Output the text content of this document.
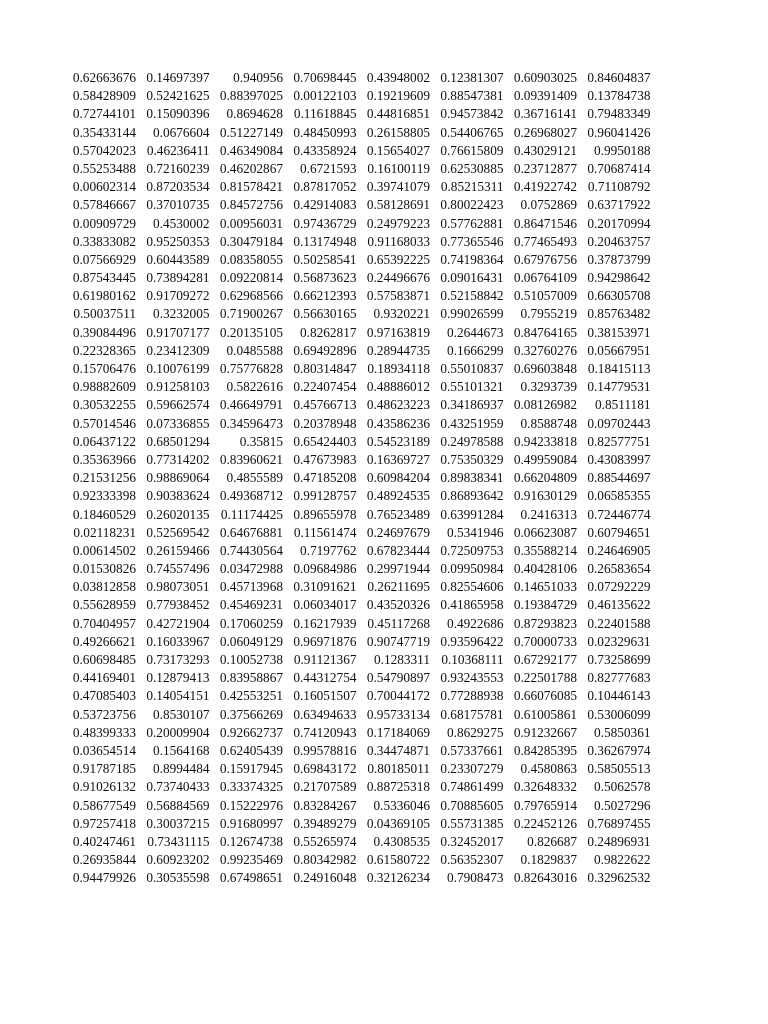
0.62663676	0.14697397	0.940956	0.70698445	0.43948002	0.12381307	0.60903025	0.84604837
0.58428909	0.52421625	0.88397025	0.00122103	0.19219609	0.88547381	0.09391409	0.13784738
0.72744101	0.15090396	0.8694628	0.11618845	0.44816851	0.94573842	0.36716141	0.79483349
0.35433144	0.0676604	0.51227149	0.48450993	0.26158805	0.54406765	0.26968027	0.96041426
0.57042023	0.46236411	0.46349084	0.43358924	0.15654027	0.76615809	0.43029121	0.9950188
0.55253488	0.72160239	0.46202867	0.6721593	0.16100119	0.62530885	0.23712877	0.70687414
0.00602314	0.87203534	0.81578421	0.87817052	0.39741079	0.85215311	0.41922742	0.71108792
0.57846667	0.37010735	0.84572756	0.42914083	0.58128691	0.80022423	0.0752869	0.63717922
0.00909729	0.4530002	0.00956031	0.97436729	0.24979223	0.57762881	0.86471546	0.20170994
0.33833082	0.95250353	0.30479184	0.13174948	0.91168033	0.77365546	0.77465493	0.20463757
0.07566929	0.60443589	0.08358055	0.50258541	0.65392225	0.74198364	0.67976756	0.37873799
0.87543445	0.73894281	0.09220814	0.56873623	0.24496676	0.09016431	0.06764109	0.94298642
0.61980162	0.91709272	0.62968566	0.66212393	0.57583871	0.52158842	0.51057009	0.66305708
0.50037511	0.3232005	0.71900267	0.56630165	0.9320221	0.99026599	0.7955219	0.85763482
0.39084496	0.91707177	0.20135105	0.8262817	0.97163819	0.2644673	0.84764165	0.38153971
0.22328365	0.23412309	0.0485588	0.69492896	0.28944735	0.1666299	0.32760276	0.05667951
0.15706476	0.10076199	0.75776828	0.80314847	0.18934118	0.55010837	0.69603848	0.18415113
0.98882609	0.91258103	0.5822616	0.22407454	0.48886012	0.55101321	0.3293739	0.14779531
0.30532255	0.59662574	0.46649791	0.45766713	0.48623223	0.34186937	0.08126982	0.8511181
0.57014546	0.07336855	0.34596473	0.20378948	0.43586236	0.43251959	0.8588748	0.09702443
0.06437122	0.68501294	0.35815	0.65424403	0.54523189	0.24978588	0.94233818	0.82577751
0.35363966	0.77314202	0.83960621	0.47673983	0.16369727	0.75350329	0.49959084	0.43083997
0.21531256	0.98869064	0.4855589	0.47185208	0.60984204	0.89838341	0.66204809	0.88544697
0.92333398	0.90383624	0.49368712	0.99128757	0.48924535	0.86893642	0.91630129	0.06585355
0.18460529	0.26020135	0.11174425	0.89655978	0.76523489	0.63991284	0.2416313	0.72446774
0.02118231	0.52569542	0.64676881	0.11561474	0.24697679	0.5341946	0.06623087	0.60794651
0.00614502	0.26159466	0.74430564	0.7197762	0.67823444	0.72509753	0.35588214	0.24646905
0.01530826	0.74557496	0.03472988	0.09684986	0.29971944	0.09950984	0.40428106	0.26583654
0.03812858	0.98073051	0.45713968	0.31091621	0.26211695	0.82554606	0.14651033	0.07292229
0.55628959	0.77938452	0.45469231	0.06034017	0.43520326	0.41865958	0.19384729	0.46135622
0.70404957	0.42721904	0.17060259	0.16217939	0.45117268	0.4922686	0.87293823	0.22401588
0.49266621	0.16033967	0.06049129	0.96971876	0.90747719	0.93596422	0.70000733	0.02329631
0.60698485	0.73173293	0.10052738	0.91121367	0.1283311	0.10368111	0.67292177	0.73258699
0.44169401	0.12879413	0.83958867	0.44312754	0.54790897	0.93243553	0.22501788	0.82777683
0.47085403	0.14054151	0.42553251	0.16051507	0.70044172	0.77288938	0.66076085	0.10446143
0.53723756	0.8530107	0.37566269	0.63494633	0.95733134	0.68175781	0.61005861	0.53006099
0.48399333	0.20009904	0.92662737	0.74120943	0.17184069	0.8629275	0.91232667	0.5850361
0.03654514	0.1564168	0.62405439	0.99578816	0.34474871	0.57337661	0.84285395	0.36267974
0.91787185	0.8994484	0.15917945	0.69843172	0.80185011	0.23307279	0.4580863	0.58505513
0.91026132	0.73740433	0.33374325	0.21707589	0.88725318	0.74861499	0.32648332	0.5062578
0.58677549	0.56884569	0.15222976	0.83284267	0.5336046	0.70885605	0.79765914	0.5027296
0.97257418	0.30037215	0.91680997	0.39489279	0.04369105	0.55731385	0.22452126	0.76897455
0.40247461	0.73431115	0.12674738	0.55265974	0.4308535	0.32452017	0.826687	0.24896931
0.26935844	0.60923202	0.99235469	0.80342982	0.61580722	0.56352307	0.1829837	0.9822622
0.94479926	0.30535598	0.67498651	0.24916048	0.32126234	0.7908473	0.82643016	0.32962532
